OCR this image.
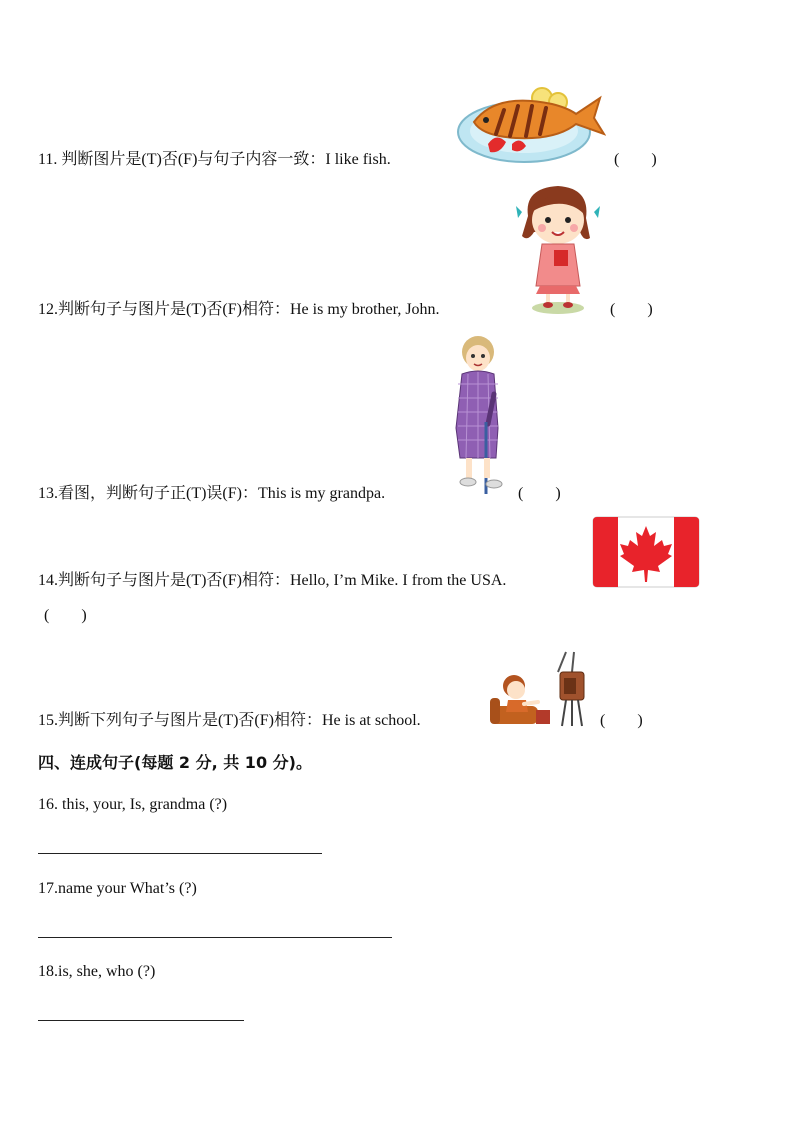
11. 判断图片是(T)否(F)与句子内容一致：I like fish.	(        )
12.判断句子与图片是(T)否(F)相符：He is my brother, John.	(        )
13.看图，判断句子正(T)误(F)：This is my grandpa.	(        )
14.判断句子与图片是(T)否(F)相符：Hello, I’m Mike. I from the USA.
(        )
15.判断下列句子与图片是(T)否(F)相符：He is at school.	(        )
四、连成句子(每题 2 分, 共 10 分)。
16. this, your, Is, grandma (?)
17.name your What’s (?)
18.is, she, who (?)
